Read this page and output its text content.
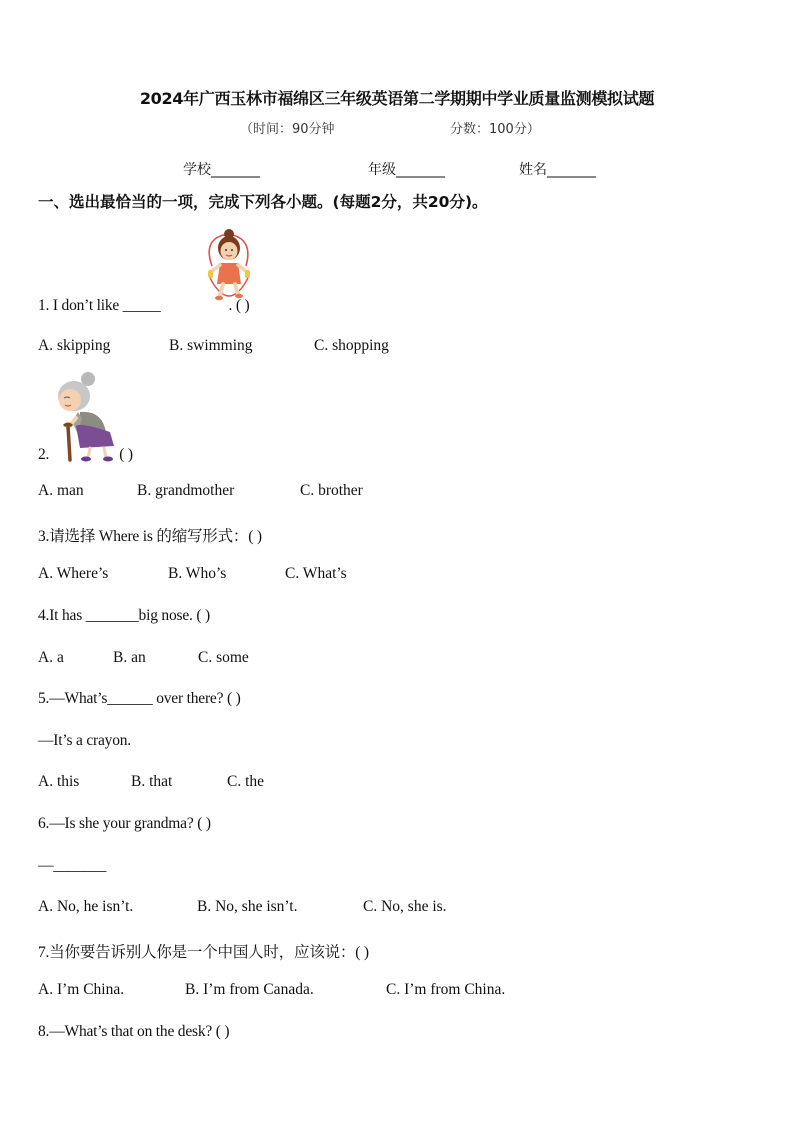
2024年广西玉林市福绵区三年级英语第二学期期中学业质量监测模拟试题
（时间：90分钟	分数：100分）
学校_______	年级_______	姓名_______
一、选出最恰当的一项，完成下列各小题。(每题2分，共20分)。
1. I don’t like _____	. ( )
A. skipping	B. swimming	C. shopping
2.	( )
A. man	B. grandmother	C. brother
3.请选择 Where is 的缩写形式：( )
A. Where’s	B. Who’s	C. What’s
4.It has _______big nose. ( )
A. a	B. an	C. some
5.—What’s______ over there? ( )
—It’s a crayon.
A. this	B. that	C. the
6.—Is she your grandma? ( )
—_______
A. No, he isn’t.	B. No, she isn’t.	C. No, she is.
7.当你要告诉别人你是一个中国人时，应该说：( )
A. I’m China.	B. I’m from Canada.	C. I’m from China.
8.—What’s that on the desk? ( )
